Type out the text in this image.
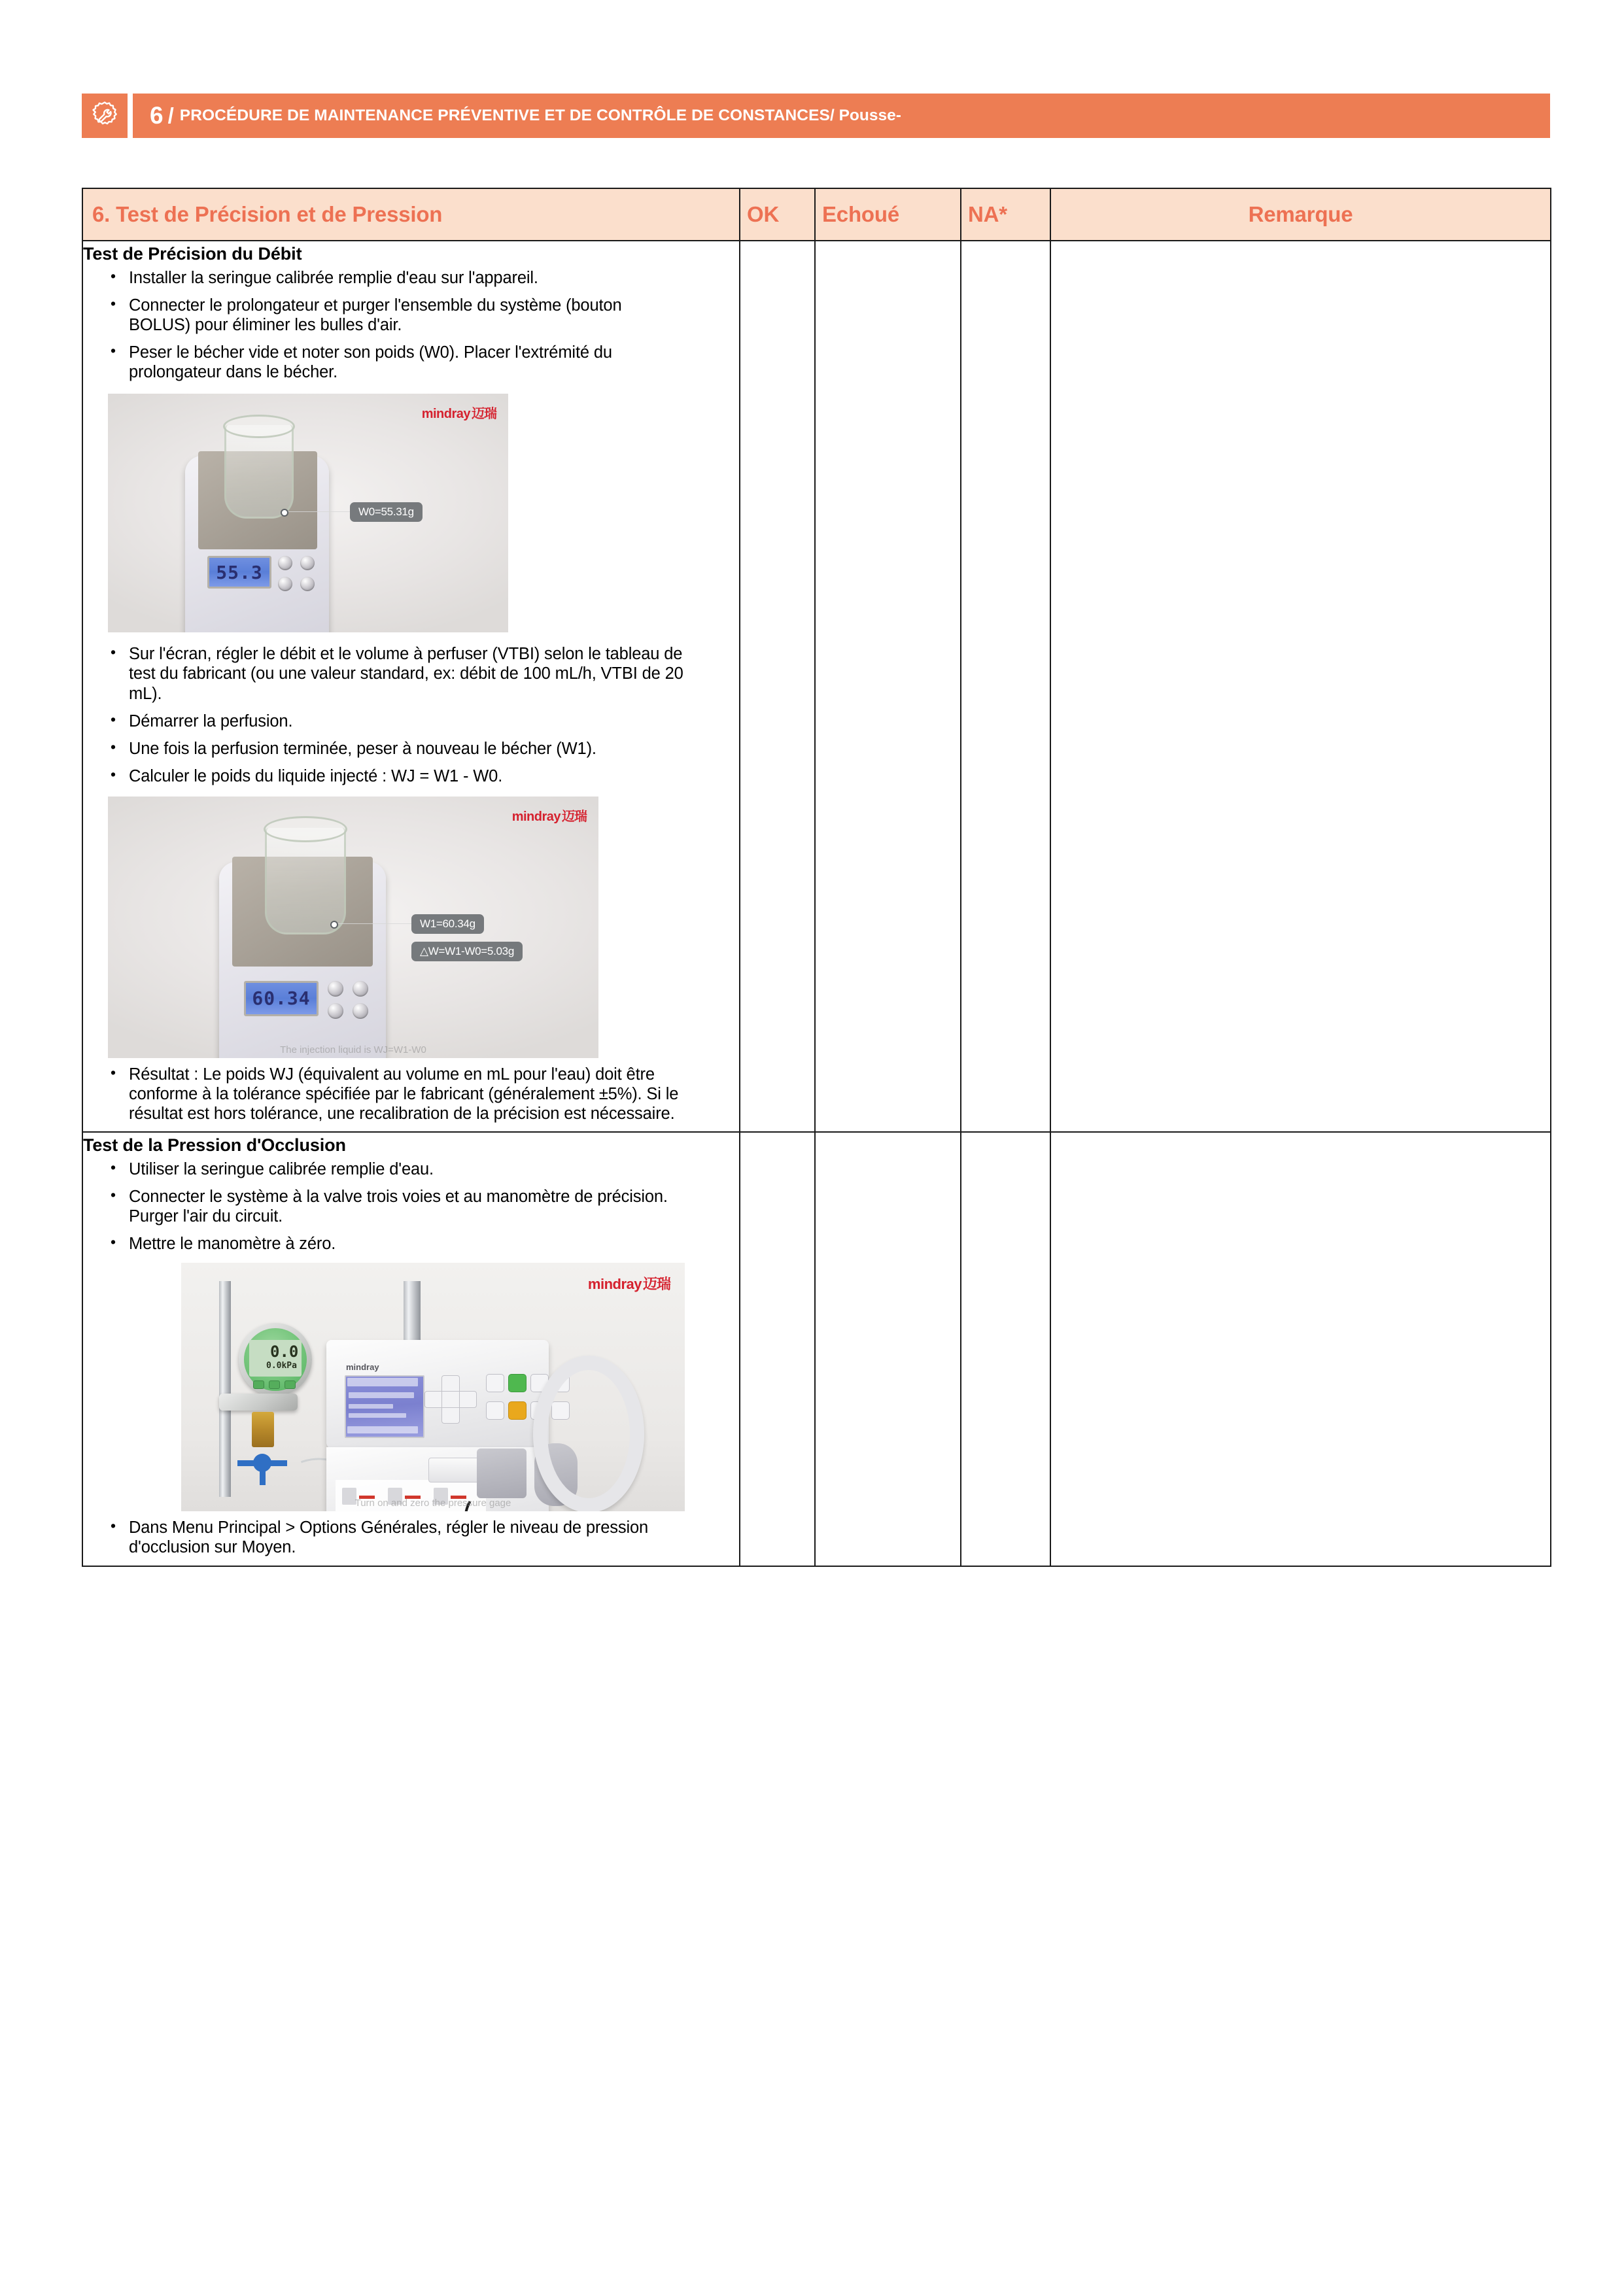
6 / PROCÉDURE DE MAINTENANCE PRÉVENTIVE ET DE CONTRÔLE DE CONSTANCES / Pousse-
6. Test de Précision et de Pression	OK	Echoué	NA*	Remarque

Test de Précision du Débit
• Installer la seringue calibrée remplie d'eau sur l'appareil.
• Connecter le prolongateur et purger l'ensemble du système (bouton BOLUS) pour éliminer les bulles d'air.
• Peser le bécher vide et noter son poids (W0). Placer l'extrémité du prolongateur dans le bécher.
mindray 迈瑞
55.3
W0=55.31g
• Sur l'écran, régler le débit et le volume à perfuser (VTBI) selon le tableau de test du fabricant (ou une valeur standard, ex: débit de 100 mL/h, VTBI de 20 mL).
• Démarrer la perfusion.
• Une fois la perfusion terminée, peser à nouveau le bécher (W1).
• Calculer le poids du liquide injecté : WJ = W1 - W0.
mindray 迈瑞
60.34
W1=60.34g
△W=W1-W0=5.03g
The injection liquid is WJ=W1-W0
• Résultat : Le poids WJ (équivalent au volume en mL pour l'eau) doit être conforme à la tolérance spécifiée par le fabricant (généralement ±5%). Si le résultat est hors tolérance, une recalibration de la précision est nécessaire.

Test de la Pression d'Occlusion
• Utiliser la seringue calibrée remplie d'eau.
• Connecter le système à la valve trois voies et au manomètre de précision. Purger l'air du circuit.
• Mettre le manomètre à zéro.
mindray迈瑞
0.0
0.0kPa	mindray
Turn on and zero the pressure gage
• Dans Menu Principal > Options Générales, régler le niveau de pression d'occlusion sur Moyen.
